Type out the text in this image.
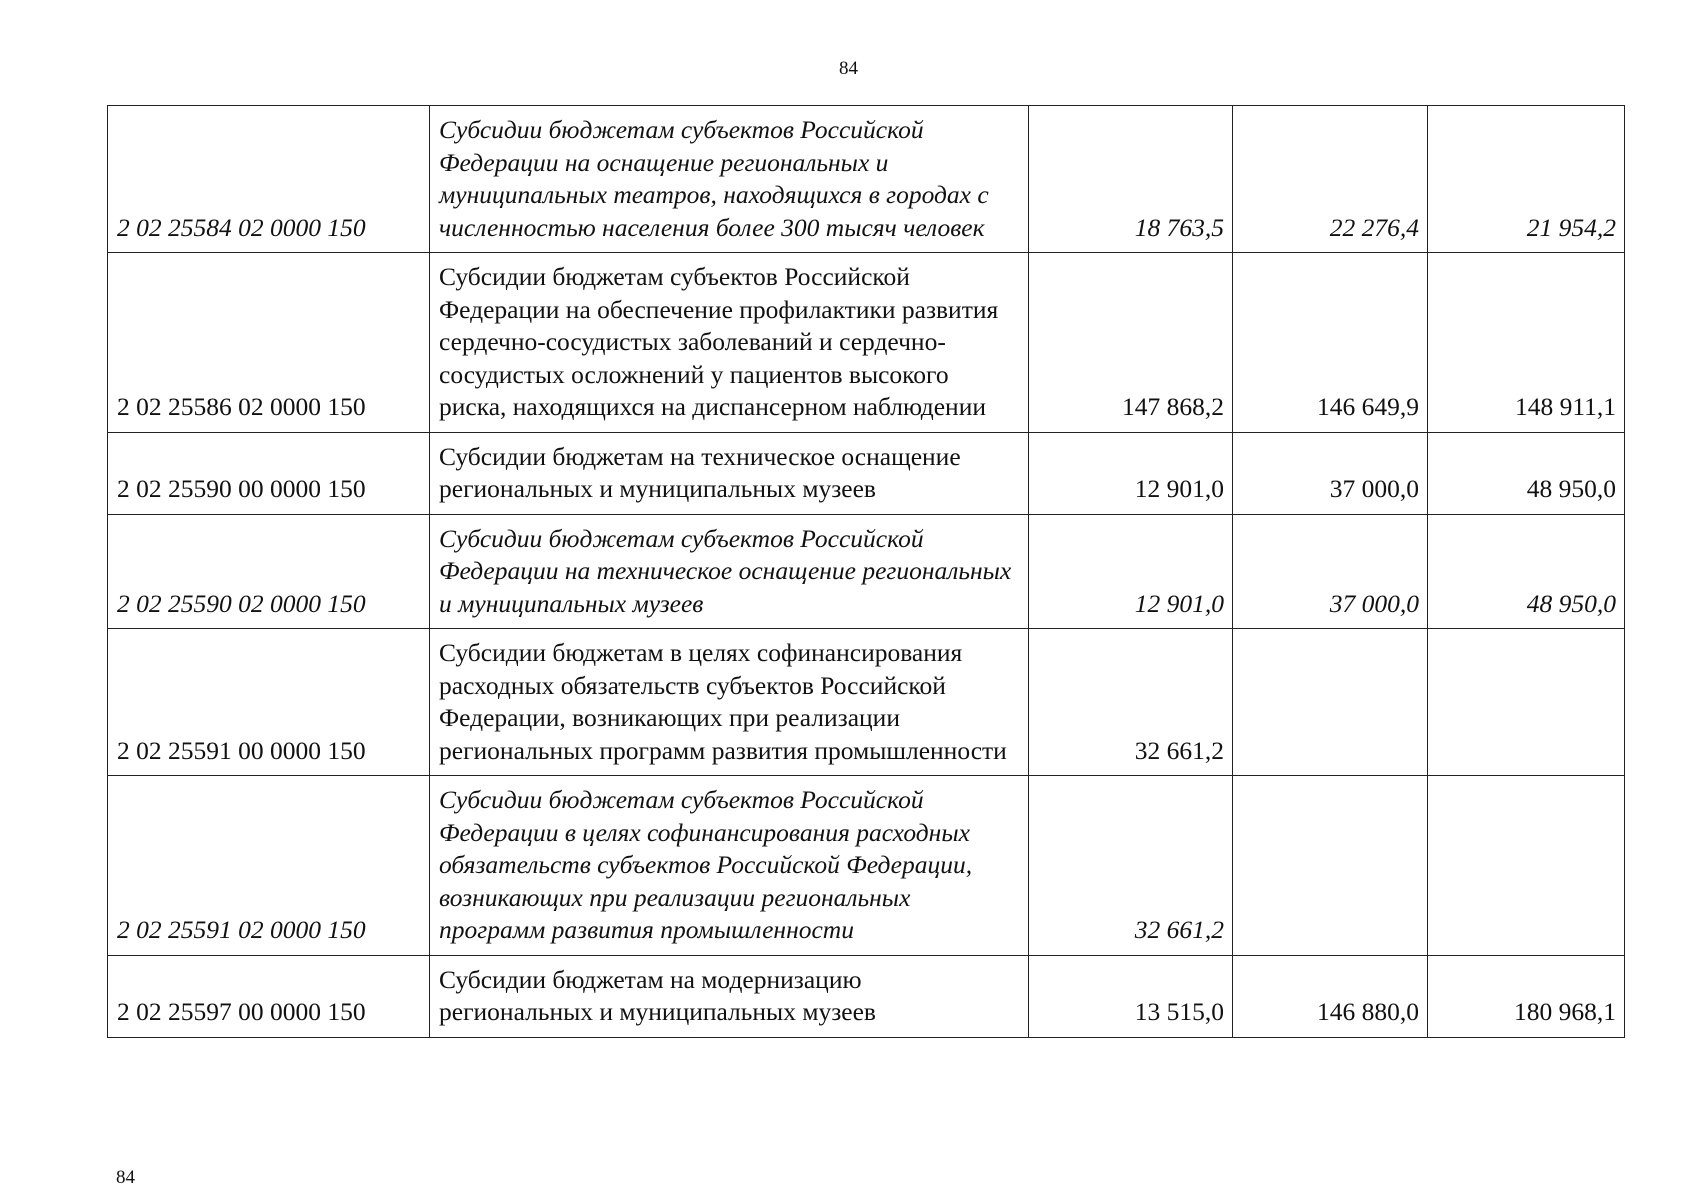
84
2 02 25584 02 0000 150	Субсидии бюджетам субъектов Российской Федерации на оснащение региональных и муниципальных театров, находящихся в городах с численностью населения более 300 тысяч человек	18 763,5	22 276,4	21 954,2
2 02 25586 02 0000 150	Субсидии бюджетам субъектов Российской Федерации на обеспечение профилактики развития сердечно-сосудистых заболеваний и сердечно-сосудистых осложнений у пациентов высокого риска, находящихся на диспансерном наблюдении	147 868,2	146 649,9	148 911,1
2 02 25590 00 0000 150	Субсидии бюджетам на техническое оснащение региональных и муниципальных музеев	12 901,0	37 000,0	48 950,0
2 02 25590 02 0000 150	Субсидии бюджетам субъектов Российской Федерации на техническое оснащение региональных и муниципальных музеев	12 901,0	37 000,0	48 950,0
2 02 25591 00 0000 150	Субсидии бюджетам в целях софинансирования расходных обязательств субъектов Российской Федерации, возникающих при реализации региональных программ развития промышленности	32 661,2		
2 02 25591 02 0000 150	Субсидии бюджетам субъектов Российской Федерации в целях софинансирования расходных обязательств субъектов Российской Федерации, возникающих при реализации региональных программ развития промышленности	32 661,2		
2 02 25597 00 0000 150	Субсидии бюджетам на модернизацию региональных и муниципальных музеев	13 515,0	146 880,0	180 968,1
84
